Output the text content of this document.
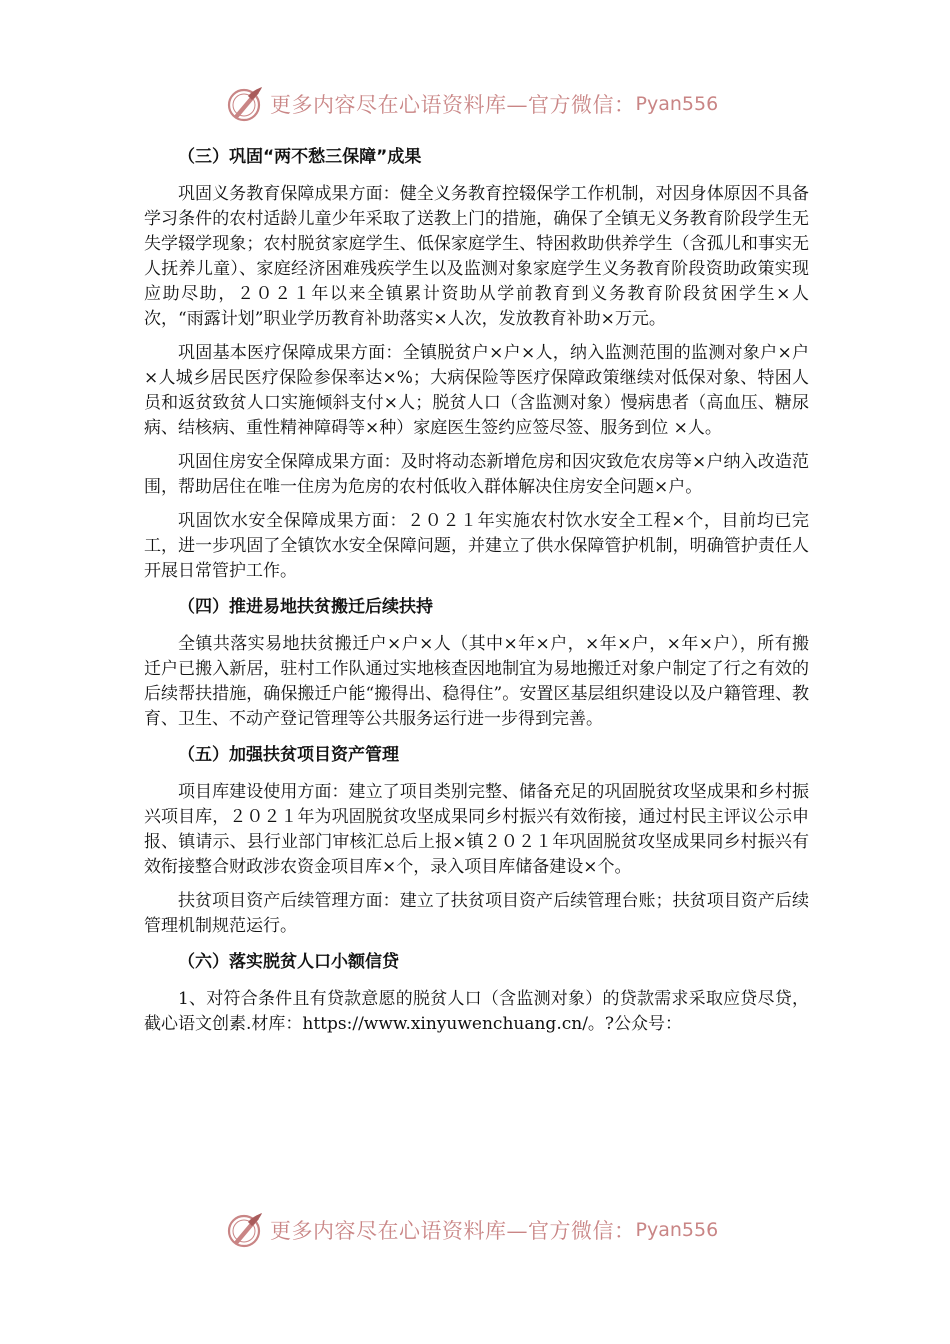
更多内容尽在心语资料库—官方微信： Pyan556
（三）巩固“两不愁三保障”成果

巩固义务教育保障成果方面：健全义务教育控辍保学工作机制，对因身体原因不具备学习条件的农村适龄儿童少年采取了送教上门的措施，确保了全镇无义务教育阶段学生无失学辍学现象；农村脱贫家庭学生、低保家庭学生、特困救助供养学生（含孤儿和事实无人抚养儿童）、家庭经济困难残疾学生以及监测对象家庭学生义务教育阶段资助政策实现应助尽助，２０２１年以来全镇累计资助从学前教育到义务教育阶段贫困学生×人次，“雨露计划”职业学历教育补助落实×人次，发放教育补助×万元。

巩固基本医疗保障成果方面：全镇脱贫户×户×人，纳入监测范围的监测对象户×户×人城乡居民医疗保险参保率达×%；大病保险等医疗保障政策继续对低保对象、特困人员和返贫致贫人口实施倾斜支付×人；脱贫人口（含监测对象）慢病患者（高血压、糖尿病、结核病、重性精神障碍等×种）家庭医生签约应签尽签、服务到位 ×人。

巩固住房安全保障成果方面：及时将动态新增危房和因灾致危农房等×户纳入改造范围，帮助居住在唯一住房为危房的农村低收入群体解决住房安全问题×户。

巩固饮水安全保障成果方面：２０２１年实施农村饮水安全工程×个，目前均已完工，进一步巩固了全镇饮水安全保障问题，并建立了供水保障管护机制，明确管护责任人开展日常管护工作。

（四）推进易地扶贫搬迁后续扶持

全镇共落实易地扶贫搬迁户×户×人（其中×年×户，×年×户，×年×户），所有搬迁户已搬入新居，驻村工作队通过实地核查因地制宜为易地搬迁对象户制定了行之有效的后续帮扶措施，确保搬迁户能“搬得出、稳得住”。安置区基层组织建设以及户籍管理、教育、卫生、不动产登记管理等公共服务运行进一步得到完善。

（五）加强扶贫项目资产管理

项目库建设使用方面：建立了项目类别完整、储备充足的巩固脱贫攻坚成果和乡村振兴项目库，２０２１年为巩固脱贫攻坚成果同乡村振兴有效衔接，通过村民主评议公示申报、镇请示、县行业部门审核汇总后上报×镇２０２１年巩固脱贫攻坚成果同乡村振兴有效衔接整合财政涉农资金项目库×个，录入项目库储备建设×个。

扶贫项目资产后续管理方面：建立了扶贫项目资产后续管理台账；扶贫项目资产后续管理机制规范运行。

（六）落实脱贫人口小额信贷

1、对符合条件且有贷款意愿的脱贫人口（含监测对象）的贷款需求采取应贷尽贷，截心语文创素.材库：https://www.xinyuwenchuang.cn/。?公众号：

更多内容尽在心语资料库—官方微信： Pyan556
